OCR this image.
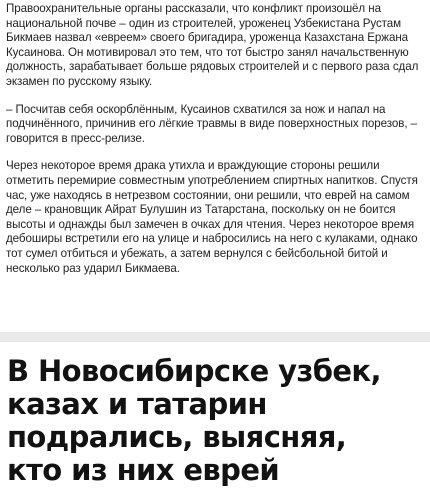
Правоохранительные органы рассказали, что конфликт произошёл на национальной почве – один из строителей, уроженец Узбекистана Рустам Бикмаев назвал «евреем» своего бригадира, уроженца Казахстана Ержана Кусаинова. Он мотивировал это тем, что тот быстро занял начальственную должность, зарабатывает больше рядовых строителей и с первого раза сдал экзамен по русскому языку.

– Посчитав себя оскорблённым, Кусаинов схватился за нож и напал на подчинённого, причинив его лёгкие травмы в виде поверхностных порезов, – говорится в пресс-релизе.

Через некоторое время драка утихла и враждующие стороны решили отметить перемирие совместным употреблением спиртных напитков. Спустя час, уже находясь в нетрезвом состоянии, они решили, что еврей на самом деле – крановщик Айрат Булушин из Татарстана, поскольку он не боится высоты и однажды был замечен в очках для чтения. Через некоторое время дебоширы встретили его на улице и набросились на него с кулаками, однако тот сумел отбиться и убежать, а затем вернулся с бейсбольной битой и несколько раз ударил Бикмаева.

В Новосибирске узбек,
казах и татарин
подрались, выясняя,
кто из них еврей
